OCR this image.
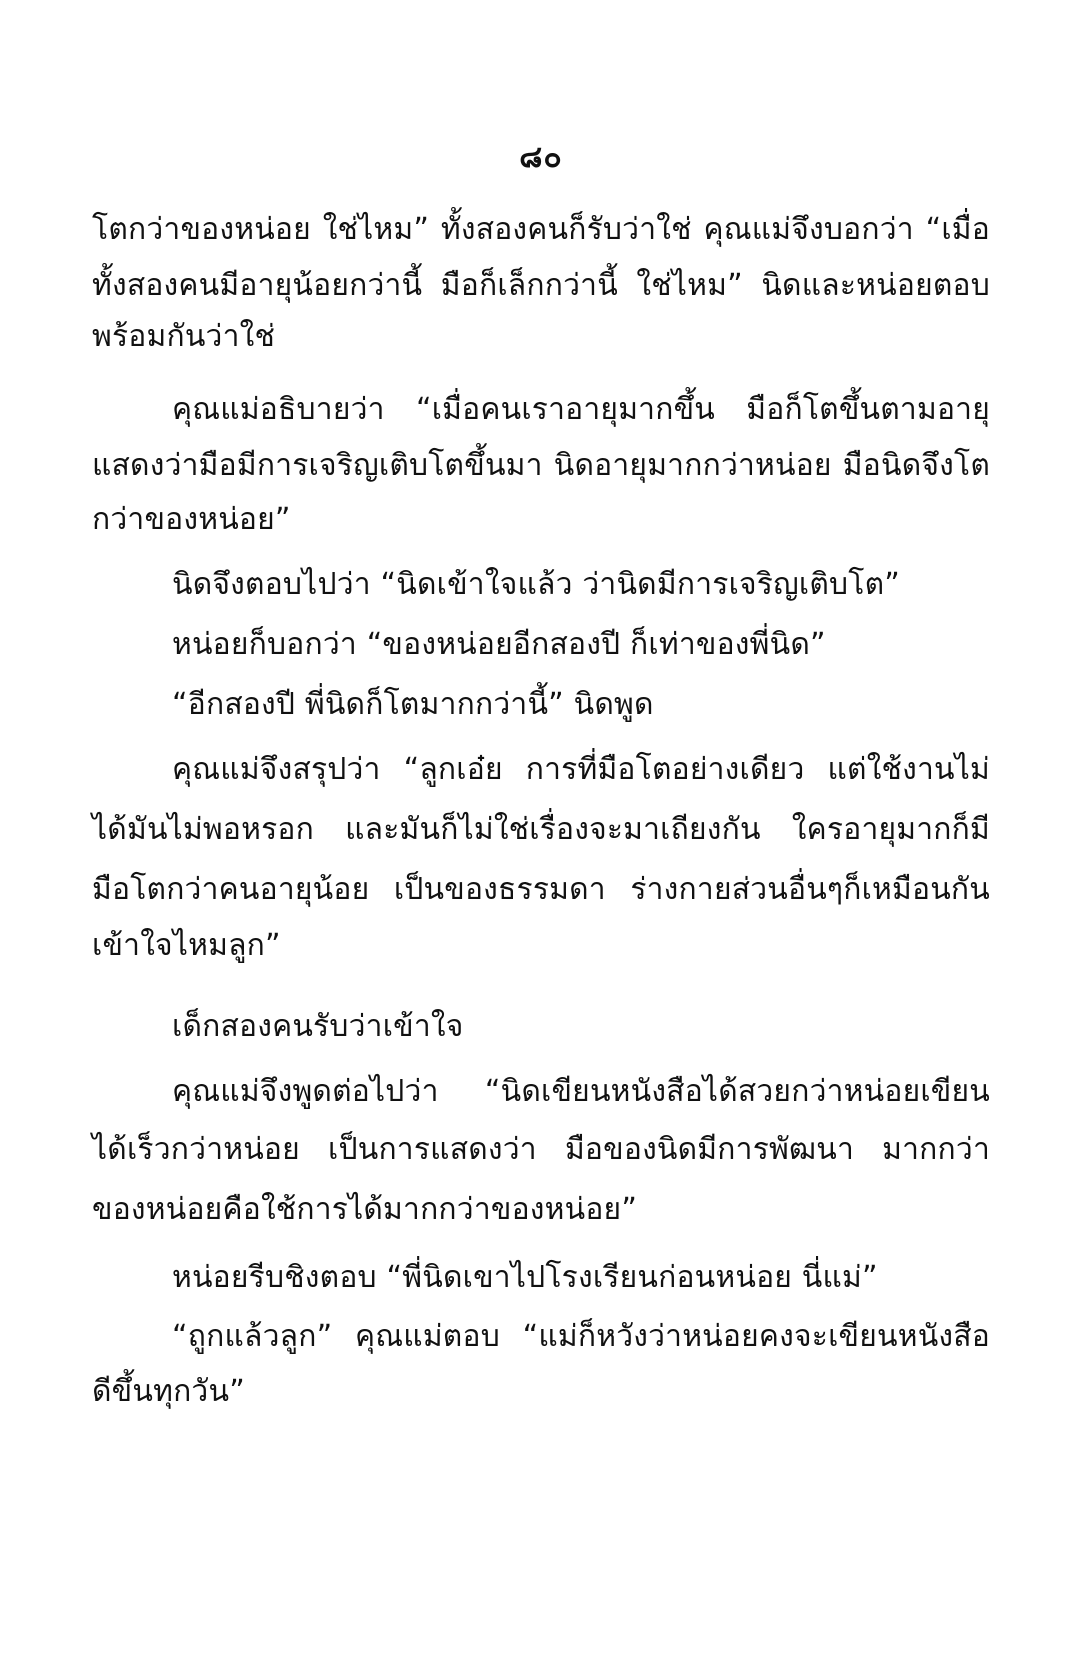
๘๐
โตกว่าของหน่อย ใช่ไหม” ทั้งสองคนก็รับว่าใช่ คุณแม่จึงบอกว่า “เมื่อ
ทั้งสองคนมีอายุน้อยกว่านี้ มือก็เล็กกว่านี้ ใช่ไหม” นิดและหน่อยตอบ
พร้อมกันว่าใช่
คุณแม่อธิบายว่า “เมื่อคนเราอายุมากขึ้น มือก็โตขึ้นตามอายุ
แสดงว่ามือมีการเจริญเติบโตขึ้นมา นิดอายุมากกว่าหน่อย มือนิดจึงโต
กว่าของหน่อย”
นิดจึงตอบไปว่า “นิดเข้าใจแล้ว ว่านิดมีการเจริญเติบโต”
หน่อยก็บอกว่า “ของหน่อยอีกสองปี ก็เท่าของพี่นิด”
“อีกสองปี พี่นิดก็โตมากกว่านี้” นิดพูด
คุณแม่จึงสรุปว่า “ลูกเอ๋ย การที่มือโตอย่างเดียว แต่ใช้งานไม่
ได้มันไม่พอหรอก และมันก็ไม่ใช่เรื่องจะมาเถียงกัน ใครอายุมากก็มี
มือโตกว่าคนอายุน้อย เป็นของธรรมดา ร่างกายส่วนอื่นๆก็เหมือนกัน
เข้าใจไหมลูก”
เด็กสองคนรับว่าเข้าใจ
คุณแม่จึงพูดต่อไปว่า “นิดเขียนหนังสือได้สวยกว่าหน่อยเขียน
ได้เร็วกว่าหน่อย เป็นการแสดงว่า มือของนิดมีการพัฒนา มากกว่า
ของหน่อยคือใช้การได้มากกว่าของหน่อย”
หน่อยรีบชิงตอบ “พี่นิดเขาไปโรงเรียนก่อนหน่อย นี่แม่”
“ถูกแล้วลูก” คุณแม่ตอบ “แม่ก็หวังว่าหน่อยคงจะเขียนหนังสือ
ดีขึ้นทุกวัน”
